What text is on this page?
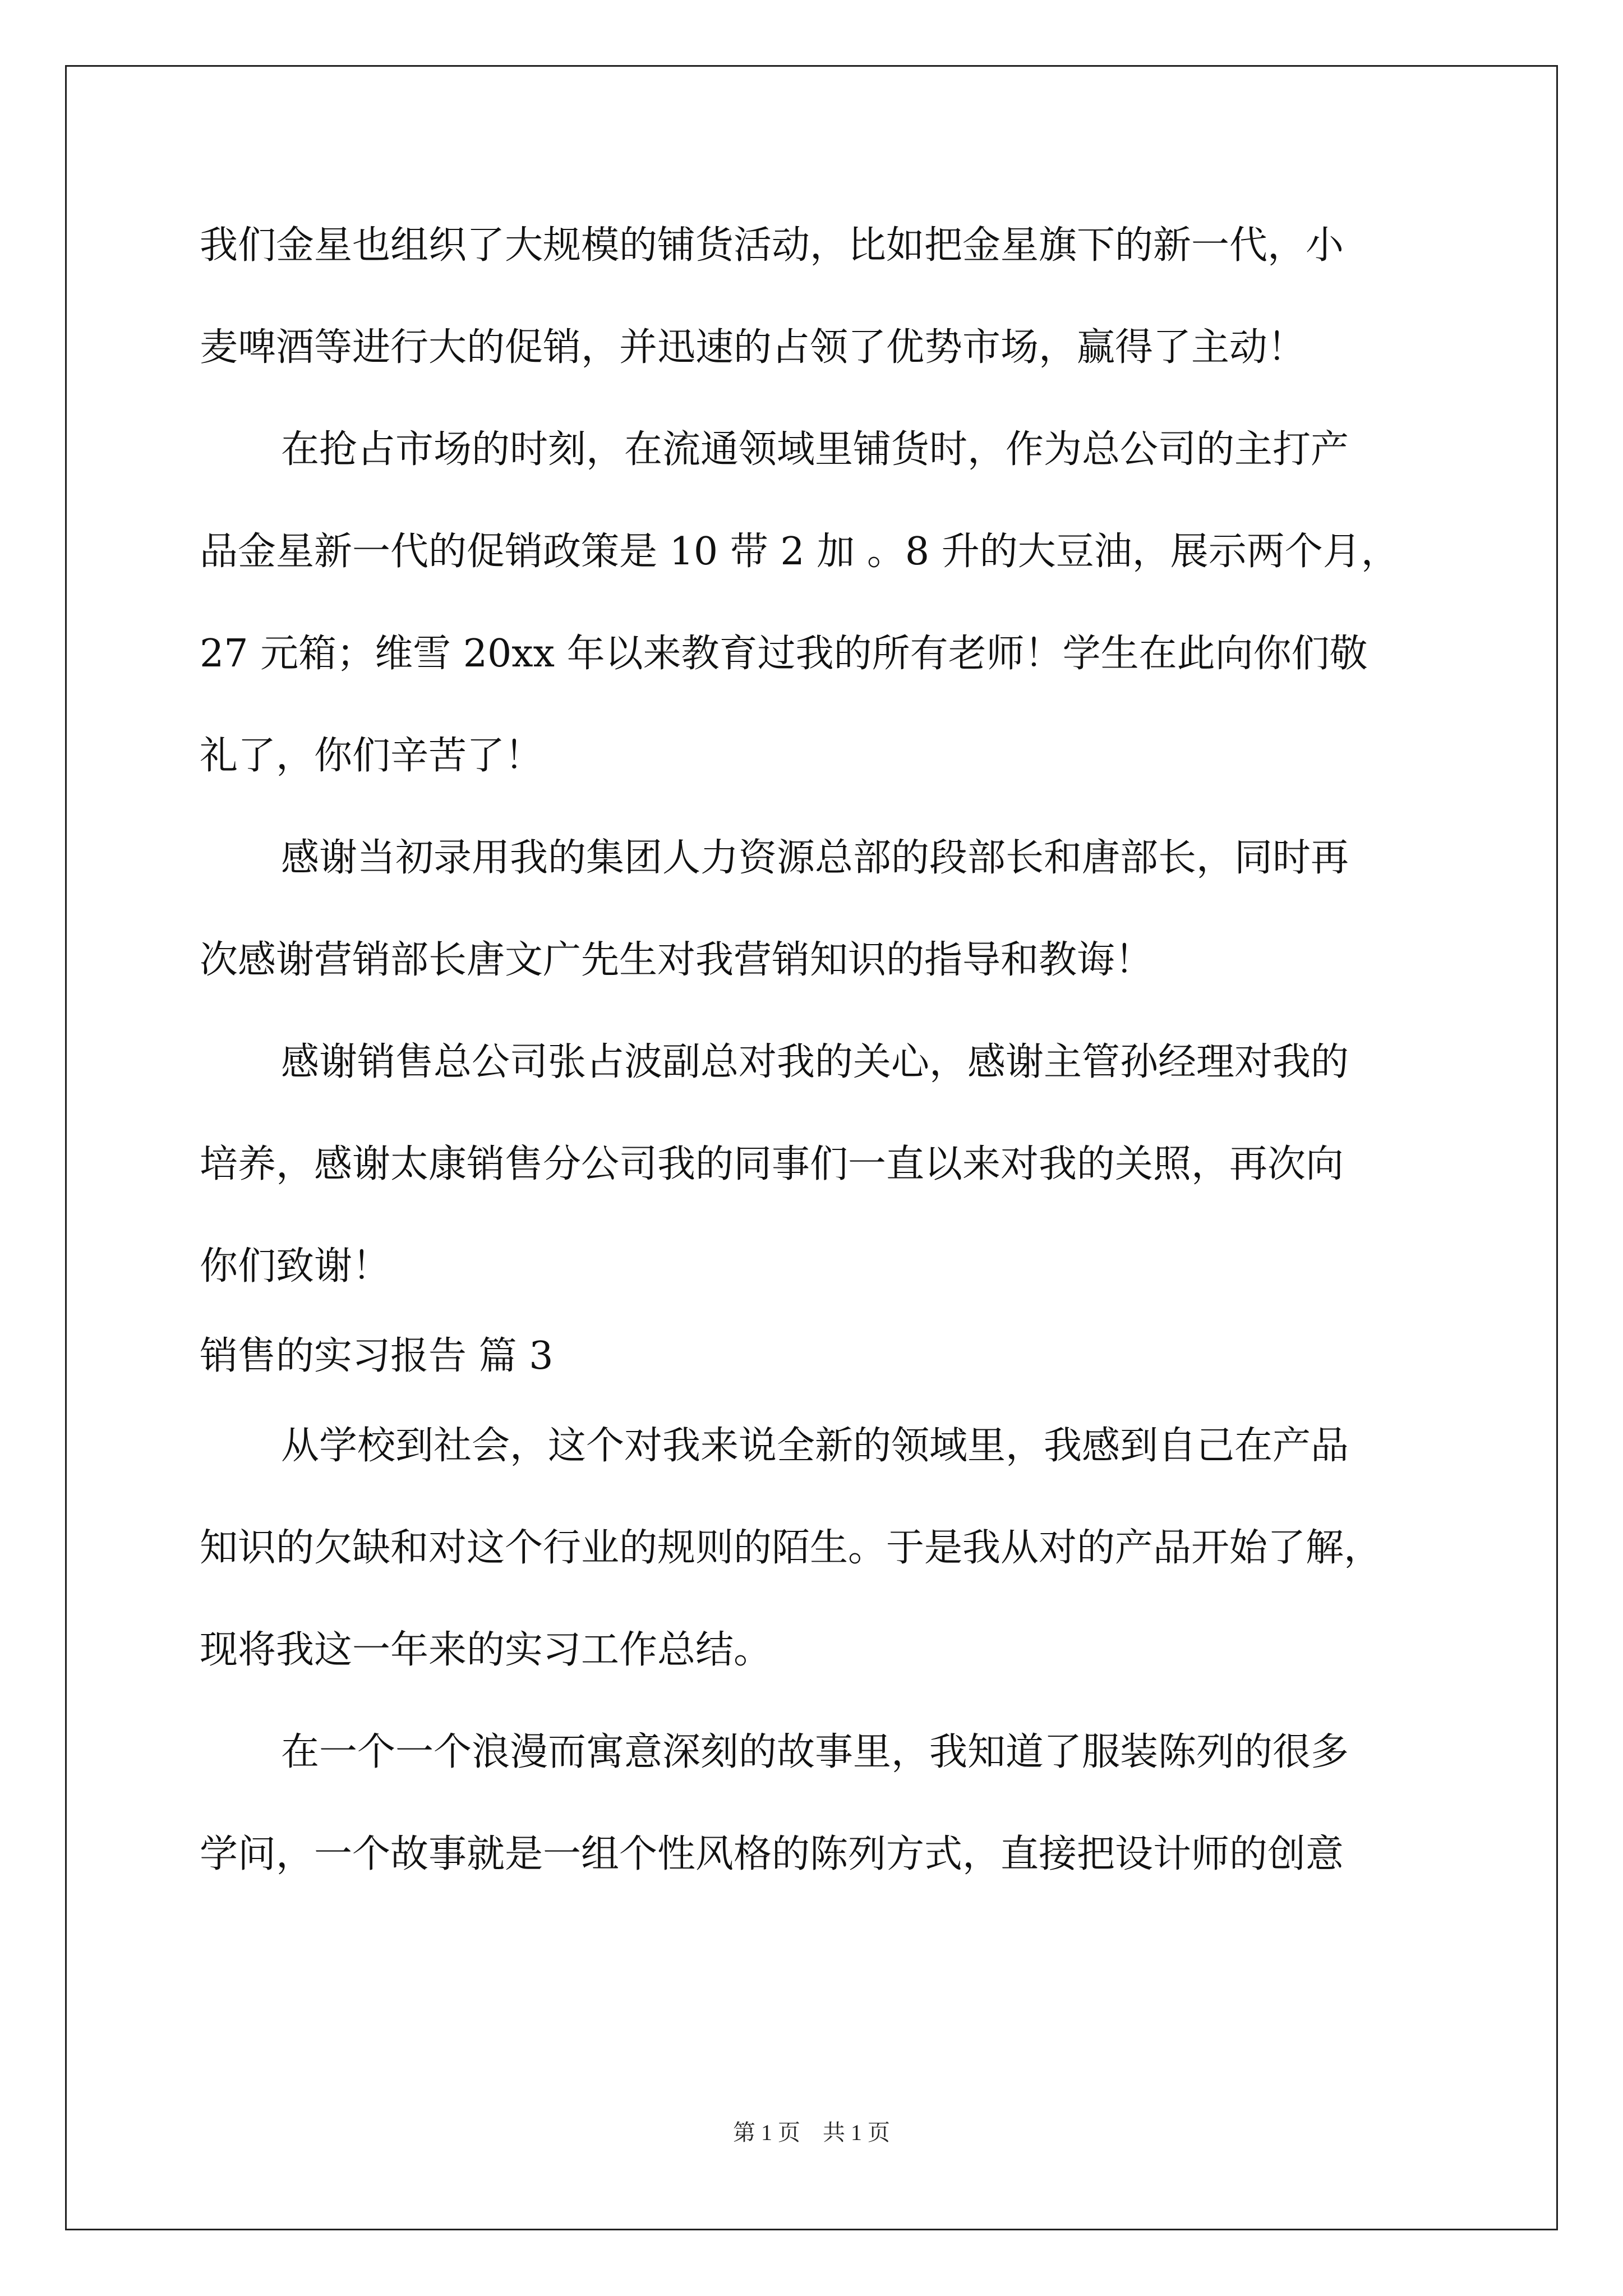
我们金星也组织了大规模的铺货活动，比如把金星旗下的新一代，小
麦啤酒等进行大的促销，并迅速的占领了优势市场，赢得了主动！
在抢占市场的时刻，在流通领域里铺货时，作为总公司的主打产
品金星新一代的促销政策是 10 带 2 加 。8 升的大豆油，展示两个月，
27 元箱；维雪 20xx 年以来教育过我的所有老师！学生在此向你们敬
礼了，你们辛苦了！
感谢当初录用我的集团人力资源总部的段部长和唐部长，同时再
次感谢营销部长唐文广先生对我营销知识的指导和教诲！
感谢销售总公司张占波副总对我的关心，感谢主管孙经理对我的
培养，感谢太康销售分公司我的同事们一直以来对我的关照，再次向
你们致谢！
销售的实习报告 篇 3
从学校到社会，这个对我来说全新的领域里，我感到自己在产品
知识的欠缺和对这个行业的规则的陌生。于是我从对的产品开始了解，
现将我这一年来的实习工作总结。
在一个一个浪漫而寓意深刻的故事里，我知道了服装陈列的很多
学问，一个故事就是一组个性风格的陈列方式，直接把设计师的创意
第 1 页　共 1 页
